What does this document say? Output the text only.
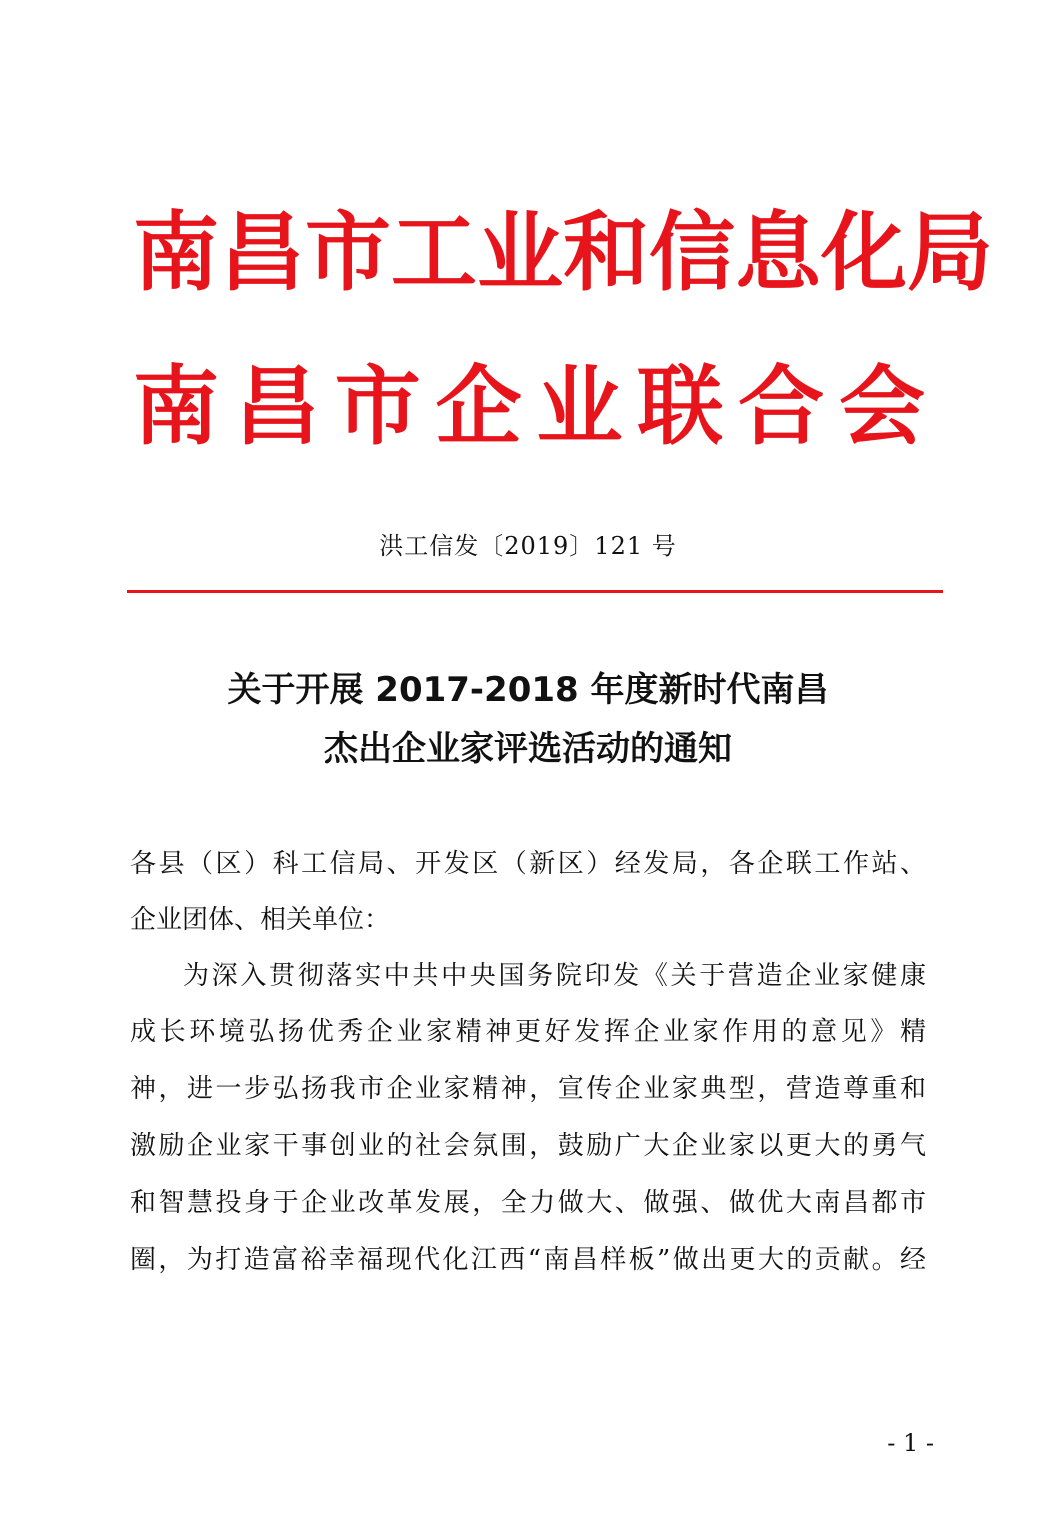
南昌市工业和信息化局
南昌市企业联合会
洪工信发〔2019〕121 号
关于开展 2017-2018 年度新时代南昌
杰出企业家评选活动的通知
各县（区）科工信局、开发区（新区）经发局，各企联工作站、
企业团体、相关单位：
为深入贯彻落实中共中央国务院印发《关于营造企业家健康
成长环境弘扬优秀企业家精神更好发挥企业家作用的意见》精
神，进一步弘扬我市企业家精神，宣传企业家典型，营造尊重和
激励企业家干事创业的社会氛围，鼓励广大企业家以更大的勇气
和智慧投身于企业改革发展，全力做大、做强、做优大南昌都市
圈，为打造富裕幸福现代化江西“南昌样板”做出更大的贡献。经
- 1 -
